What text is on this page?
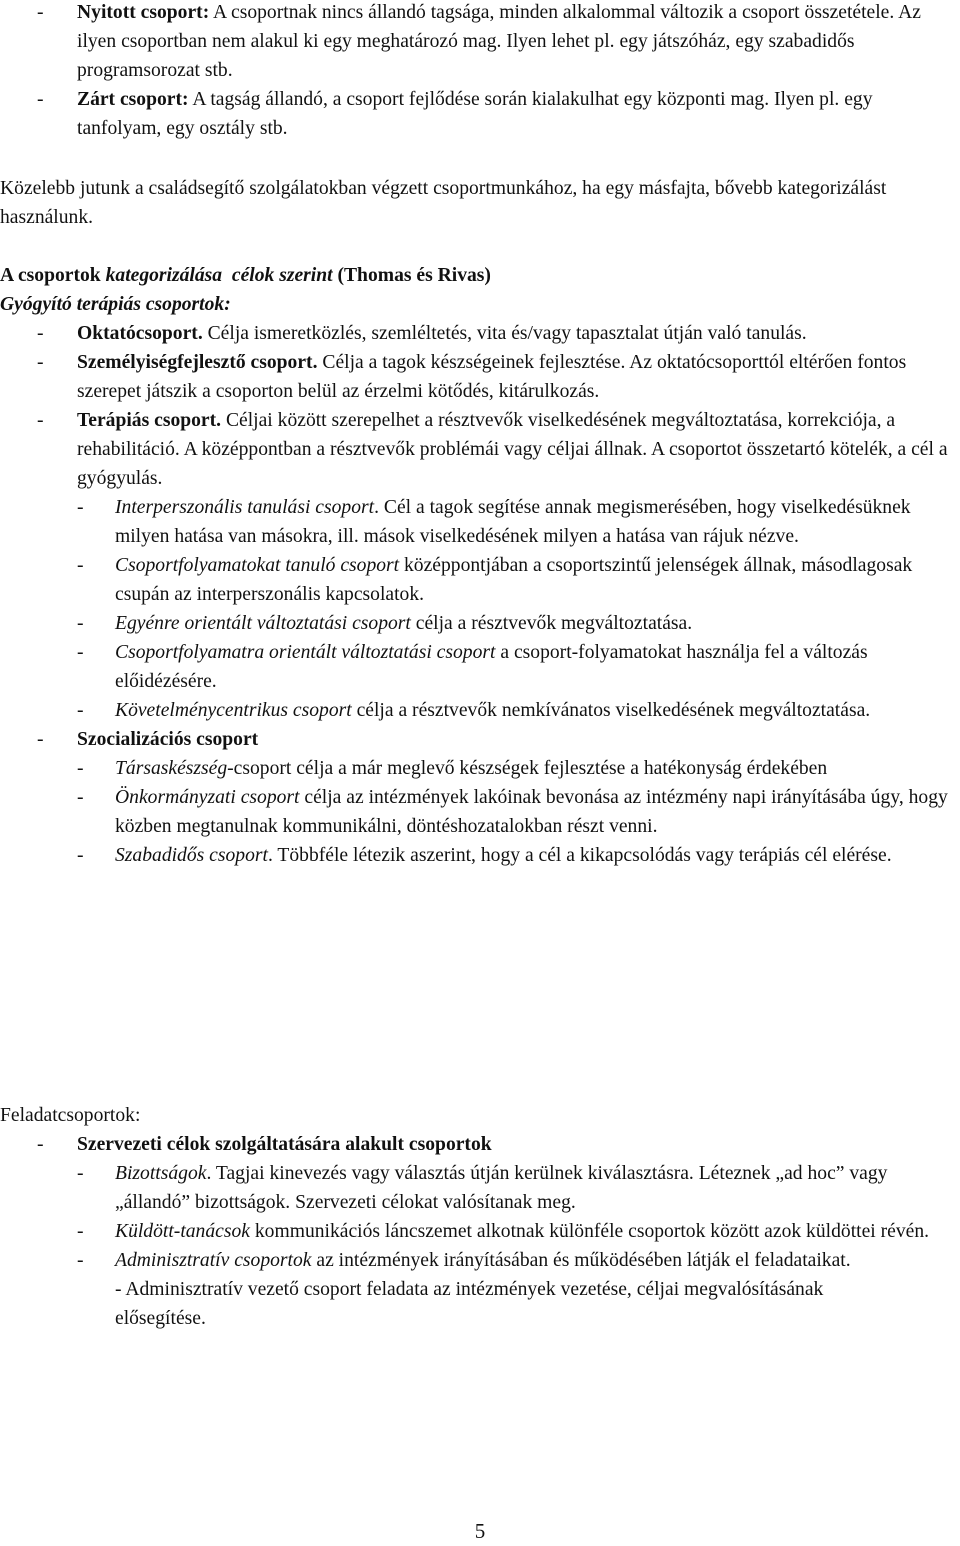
-	Nyitott csoport: A csoportnak nincs állandó tagsága, minden alkalommal változik a csoport összetétele. Az ilyen csoportban nem alakul ki egy meghatározó mag. Ilyen lehet pl. egy játszóház, egy szabadidős programsorozat stb.
-	Zárt csoport: A tagság állandó, a csoport fejlődése során kialakulhat egy központi mag. Ilyen pl. egy tanfolyam, egy osztály stb.
Közelebb jutunk a családsegítő szolgálatokban végzett csoportmunkához, ha egy másfajta, bővebb kategorizálást használunk.
A csoportok kategorizálása  célok szerint (Thomas és Rivas)
Gyógyító terápiás csoportok:
-	Oktatócsoport. Célja ismeretközlés, szemléltetés, vita és/vagy tapasztalat útján való tanulás.
-	Személyiségfejlesztő csoport. Célja a tagok készségeinek fejlesztése. Az oktatócsoporttól eltérően fontos szerepet játszik a csoporton belül az érzelmi kötődés, kitárulkozás.
-	Terápiás csoport. Céljai között szerepelhet a résztvevők viselkedésének megváltoztatása, korrekciója, a rehabilitáció. A középpontban a résztvevők problémái vagy céljai állnak. A csoportot összetartó kötelék, a cél a gyógyulás.
-	Interperszonális tanulási csoport. Cél a tagok segítése annak megismerésében, hogy viselkedésüknek milyen hatása van másokra, ill. mások viselkedésének milyen a hatása van rájuk nézve.
-	Csoportfolyamatokat tanuló csoport középpontjában a csoportszintű jelenségek állnak, másodlagosak csupán az interperszonális kapcsolatok.
-	Egyénre orientált változtatási csoport célja a résztvevők megváltoztatása.
-	Csoportfolyamatra orientált változtatási csoport a csoport-folyamatokat használja fel a változás előidézésére.
-	Követelménycentrikus csoport célja a résztvevők nemkívánatos viselkedésének megváltoztatása.
-	Szocializációs csoport
-	Társaskészség-csoport célja a már meglevő készségek fejlesztése a hatékonyság érdekében
-	Önkormányzati csoport célja az intézmények lakóinak bevonása az intézmény napi irányításába úgy, hogy közben megtanulnak kommunikálni, döntéshozatalokban részt venni.
-	Szabadidős csoport. Többféle létezik aszerint, hogy a cél a kikapcsolódás vagy terápiás cél elérése.
Feladatcsoportok:
-	Szervezeti célok szolgáltatására alakult csoportok
-	Bizottságok. Tagjai kinevezés vagy választás útján kerülnek kiválasztásra. Léteznek „ad hoc” vagy „állandó” bizottságok. Szervezeti célokat valósítanak meg.
-	Küldött-tanácsok kommunikációs láncszemet alkotnak különféle csoportok között azok küldöttei révén.
-	Adminisztratív csoportok az intézmények irányításában és működésében látják el feladataikat.
- Adminisztratív vezető csoport feladata az intézmények vezetése, céljai megvalósításának elősegítése.
5
